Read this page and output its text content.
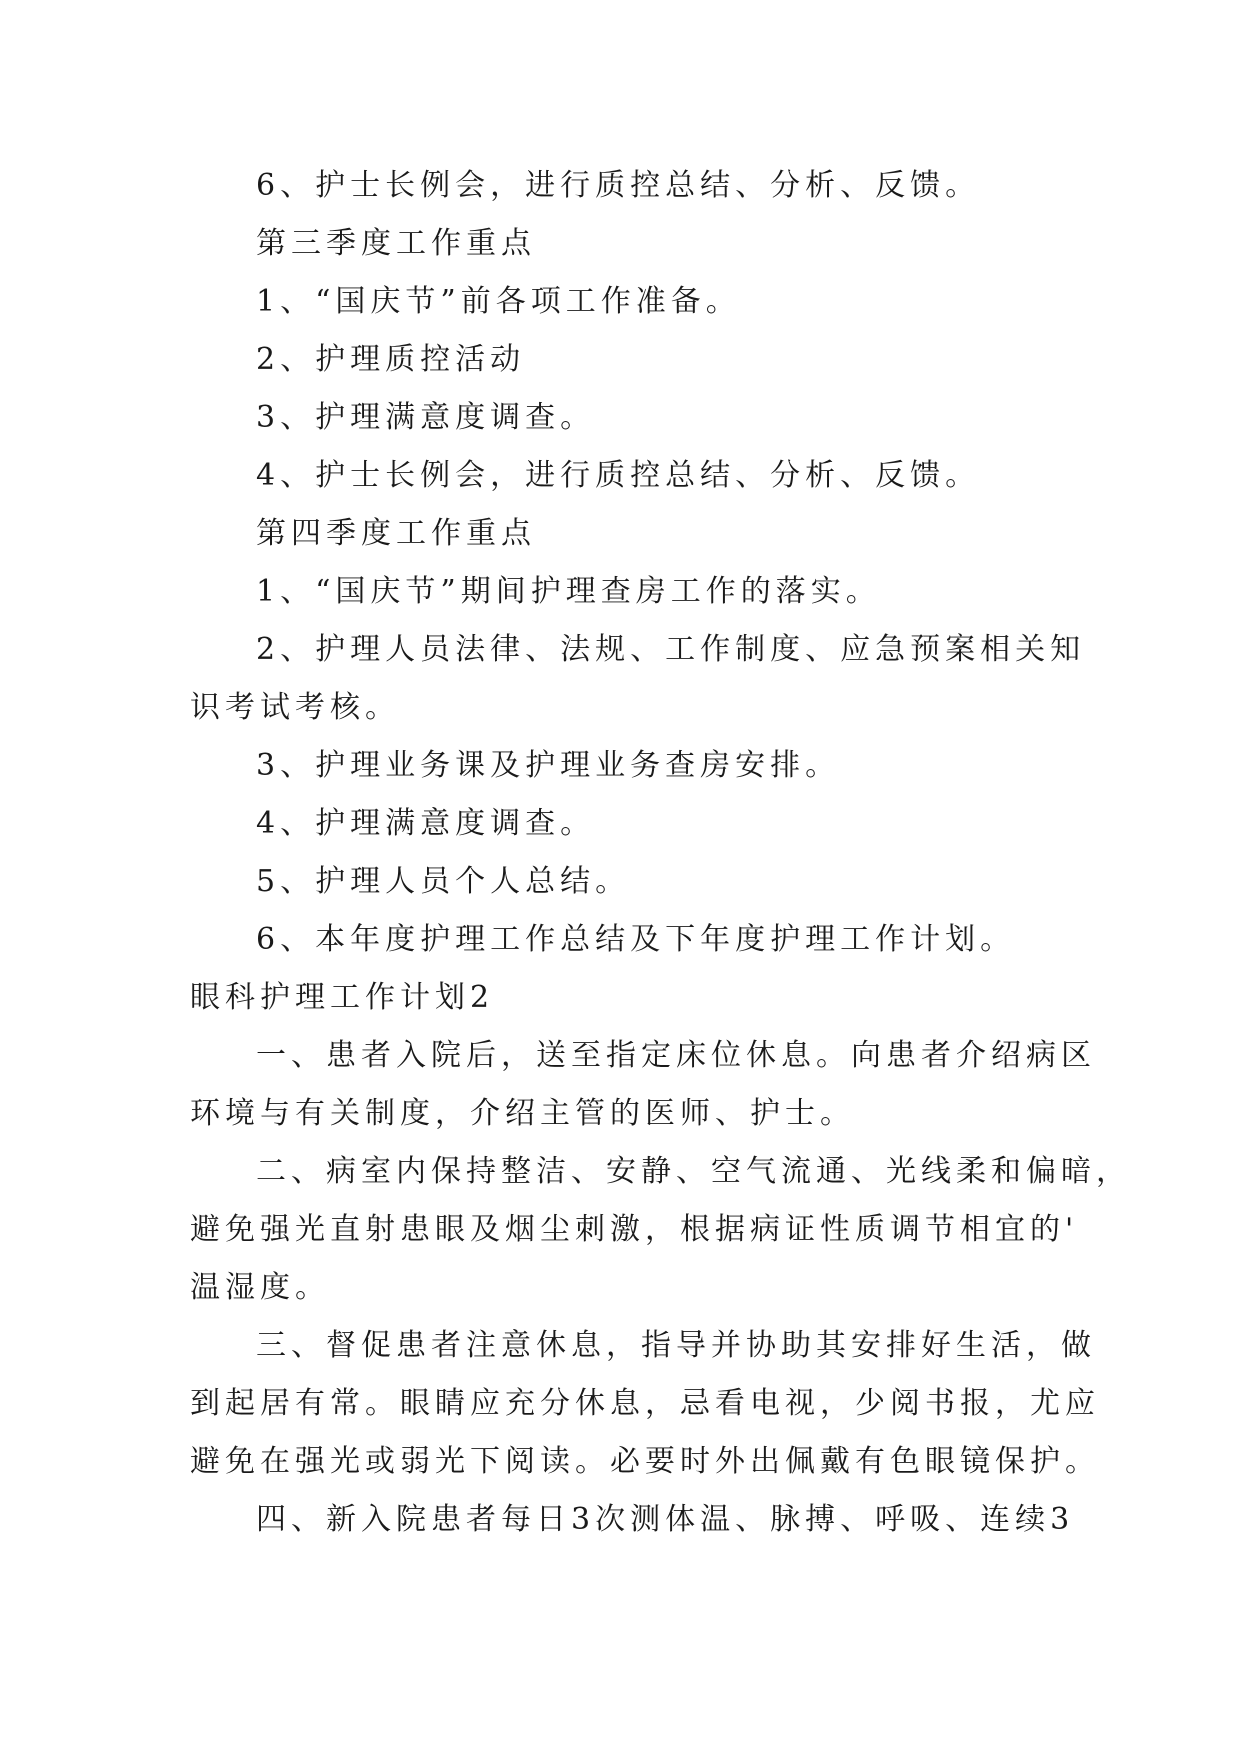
6、护士长例会，进行质控总结、分析、反馈。

第三季度工作重点

1、“国庆节”前各项工作准备。

2、护理质控活动

3、护理满意度调查。

4、护士长例会，进行质控总结、分析、反馈。

第四季度工作重点

1、“国庆节”期间护理查房工作的落实。

2、护理人员法律、法规、工作制度、应急预案相关知

识考试考核。

3、护理业务课及护理业务查房安排。

4、护理满意度调查。

5、护理人员个人总结。

6、本年度护理工作总结及下年度护理工作计划。

眼科护理工作计划2

一、患者入院后，送至指定床位休息。向患者介绍病区

环境与有关制度，介绍主管的医师、护士。

二、病室内保持整洁、安静、空气流通、光线柔和偏暗，

避免强光直射患眼及烟尘刺激，根据病证性质调节相宜的'

温湿度。

三、督促患者注意休息，指导并协助其安排好生活，做

到起居有常。眼睛应充分休息，忌看电视，少阅书报，尤应

避免在强光或弱光下阅读。必要时外出佩戴有色眼镜保护。

四、新入院患者每日3次测体温、脉搏、呼吸、连续3
